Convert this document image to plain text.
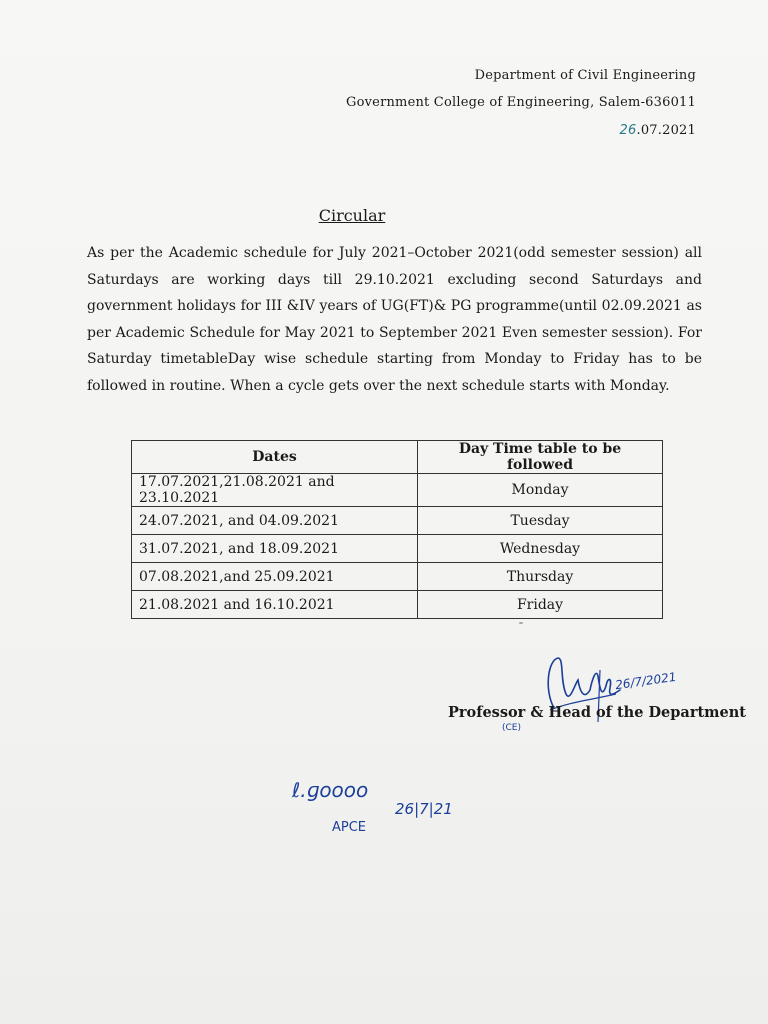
Department of Civil Engineering
Government College of Engineering, Salem-636011
26.07.2021
Circular
As per the Academic schedule for July 2021–October 2021(odd semester session) all Saturdays are working days till 29.10.2021 excluding second Saturdays and government holidays for III &IV years of UG(FT)& PG programme(until 02.09.2021 as per Academic Schedule for May 2021 to September 2021 Even semester session). For Saturday timetableDay wise schedule starting from Monday to Friday has to be followed in routine. When a cycle gets over the next schedule starts with Monday.
Dates	Day Time table to be followed
17.07.2021,21.08.2021 and 23.10.2021	Monday
24.07.2021, and 04.09.2021	Tuesday
31.07.2021, and 18.09.2021	Wednesday
07.08.2021,and 25.09.2021	Thursday
21.08.2021 and 16.10.2021	Friday
26/7/2021
Professor & Head of the Department
(CE)
ℓ.ɡoooo
26|7|21
APCE
